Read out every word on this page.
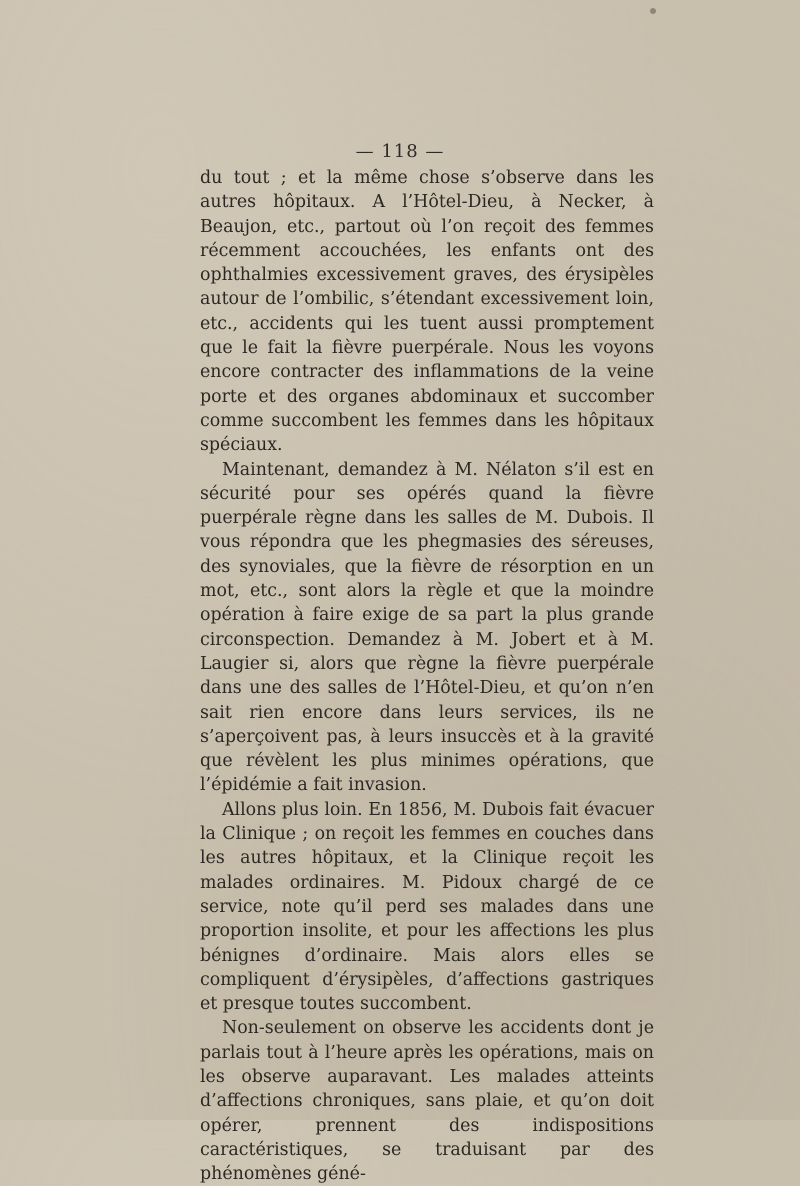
— 118 —

du tout ; et la même chose s’observe dans les autres hôpitaux. A l’Hôtel-Dieu, à Necker, à Beaujon, etc., partout où l’on reçoit des femmes récemment accouchées, les enfants ont des ophthalmies excessivement graves, des érysipèles autour de l’ombilic, s’étendant excessivement loin, etc., accidents qui les tuent aussi promptement que le fait la fièvre puerpérale. Nous les voyons encore contracter des inflammations de la veine porte et des organes abdominaux et succomber comme succombent les femmes dans les hôpitaux spéciaux.

Maintenant, demandez à M. Nélaton s’il est en sécurité pour ses opérés quand la fièvre puerpérale règne dans les salles de M. Dubois. Il vous répondra que les phegmasies des séreuses, des synoviales, que la fièvre de résorption en un mot, etc., sont alors la règle et que la moindre opération à faire exige de sa part la plus grande circonspection. Demandez à M. Jobert et à M. Laugier si, alors que règne la fièvre puerpérale dans une des salles de l’Hôtel-Dieu, et qu’on n’en sait rien encore dans leurs services, ils ne s’aperçoivent pas, à leurs insuccès et à la gravité que révèlent les plus minimes opérations, que l’épidémie a fait invasion.

Allons plus loin. En 1856, M. Dubois fait évacuer la Clinique ; on reçoit les femmes en couches dans les autres hôpitaux, et la Clinique reçoit les malades ordinaires. M. Pidoux chargé de ce service, note qu’il perd ses malades dans une proportion insolite, et pour les affections les plus bénignes d’ordinaire. Mais alors elles se compliquent d’érysipèles, d’affections gastriques et presque toutes succombent.

Non-seulement on observe les accidents dont je parlais tout à l’heure après les opérations, mais on les observe auparavant. Les malades atteints d’affections chroniques, sans plaie, et qu’on doit opérer, prennent des indispositions caractéristiques, se traduisant par des phénomènes géné-
